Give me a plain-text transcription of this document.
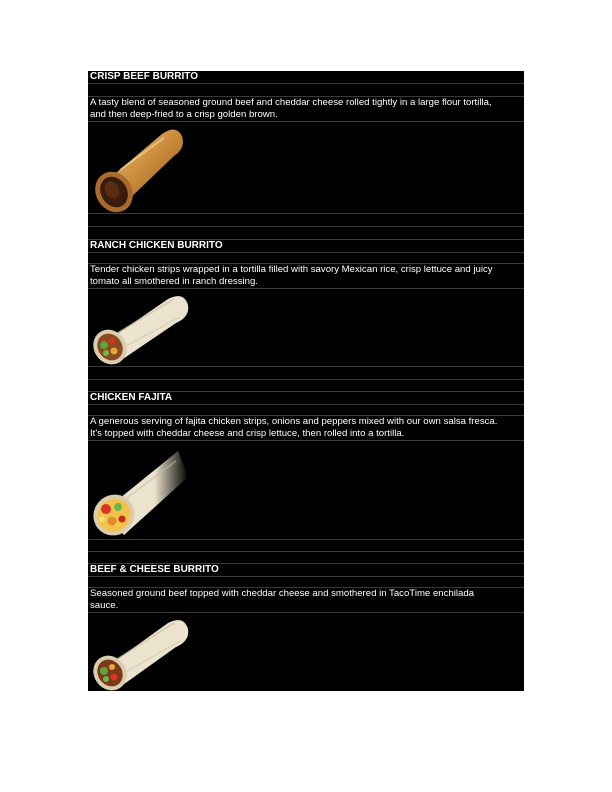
CRISP BEEF BURRITO
A tasty blend of seasoned ground beef and cheddar cheese rolled tightly in a large flour tortilla,
and then deep-fried to a crisp golden brown.
RANCH CHICKEN BURRITO
Tender chicken strips wrapped in a tortilla filled with savory Mexican rice, crisp lettuce and juicy
tomato all smothered in ranch dressing.
CHICKEN FAJITA
A generous serving of fajita chicken strips, onions and peppers mixed with our own salsa fresca.
It's topped with cheddar cheese and crisp lettuce, then rolled into a tortilla.
BEEF & CHEESE BURRITO
Seasoned ground beef topped with cheddar cheese and smothered in TacoTime enchilada
sauce.
